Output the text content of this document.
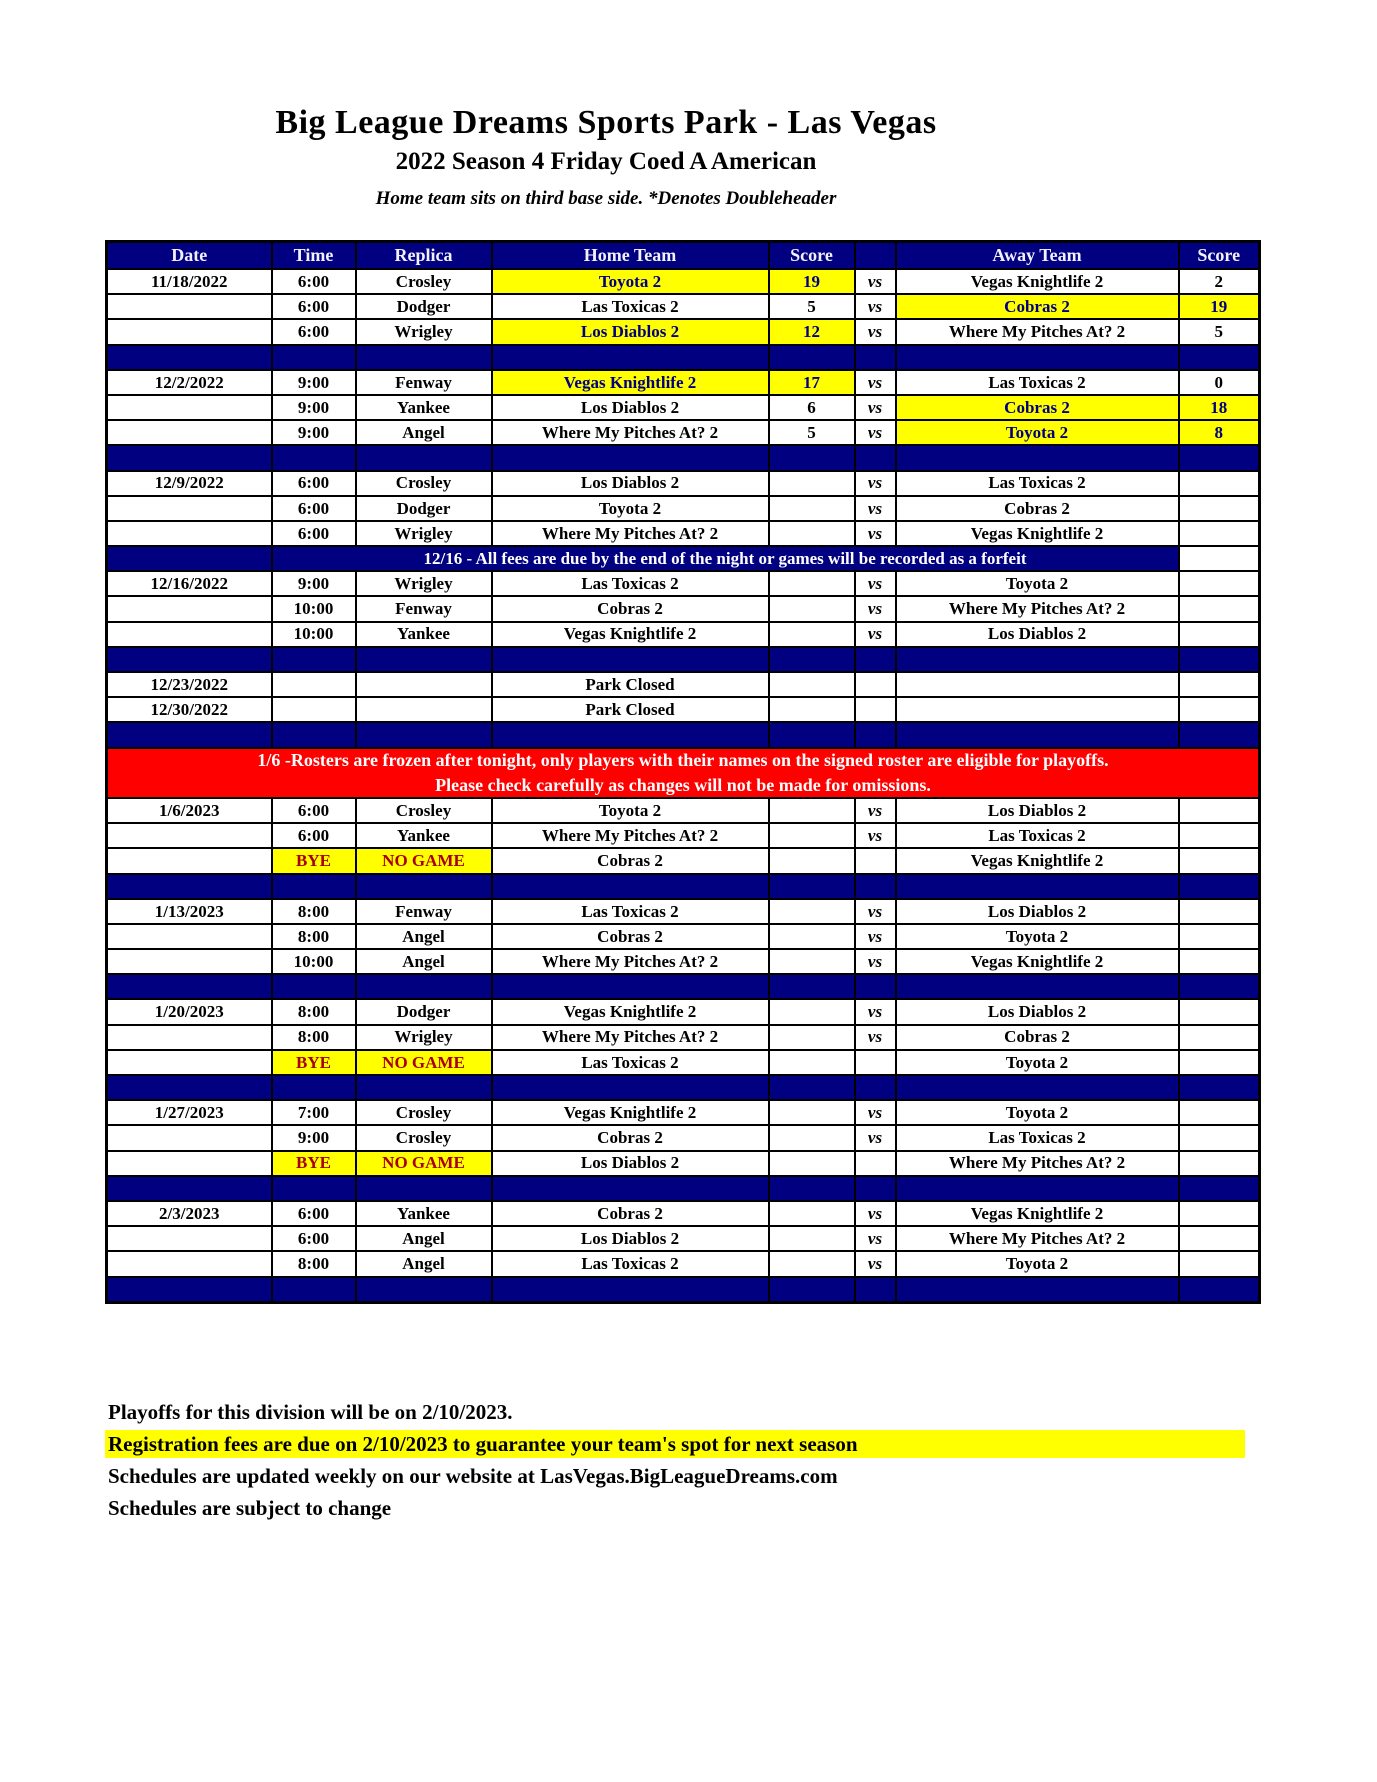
Big League Dreams Sports Park - Las Vegas
2022 Season 4 Friday Coed A American
Home team sits on third base side. *Denotes Doubleheader
Date	Time	Replica	Home Team	Score		Away Team	Score
11/18/2022	6:00	Crosley	Toyota 2	19	vs	Vegas Knightlife 2	2
	6:00	Dodger	Las Toxicas 2	5	vs	Cobras 2	19
	6:00	Wrigley	Los Diablos 2	12	vs	Where My Pitches At? 2	5

12/2/2022	9:00	Fenway	Vegas Knightlife 2	17	vs	Las Toxicas 2	0
	9:00	Yankee	Los Diablos 2	6	vs	Cobras 2	18
	9:00	Angel	Where My Pitches At? 2	5	vs	Toyota 2	8

12/9/2022	6:00	Crosley	Los Diablos 2		vs	Las Toxicas 2	
	6:00	Dodger	Toyota 2		vs	Cobras 2	
	6:00	Wrigley	Where My Pitches At? 2		vs	Vegas Knightlife 2	
	12/16 - All fees are due by the end of the night or games will be recorded as a forfeit						
12/16/2022	9:00	Wrigley	Las Toxicas 2		vs	Toyota 2	
	10:00	Fenway	Cobras 2		vs	Where My Pitches At? 2	
	10:00	Yankee	Vegas Knightlife 2		vs	Los Diablos 2	

12/23/2022			Park Closed				
12/30/2022			Park Closed				

1/6 -Rosters are frozen after tonight, only players with their names on the signed roster are eligible for playoffs.							
Please check carefully as changes will not be made for omissions.							
1/6/2023	6:00	Crosley	Toyota 2		vs	Los Diablos 2	
	6:00	Yankee	Where My Pitches At? 2		vs	Las Toxicas 2	
	BYE	NO GAME	Cobras 2			Vegas Knightlife 2	

1/13/2023	8:00	Fenway	Las Toxicas 2		vs	Los Diablos 2	
	8:00	Angel	Cobras 2		vs	Toyota 2	
	10:00	Angel	Where My Pitches At? 2		vs	Vegas Knightlife 2	

1/20/2023	8:00	Dodger	Vegas Knightlife 2		vs	Los Diablos 2	
	8:00	Wrigley	Where My Pitches At? 2		vs	Cobras 2	
	BYE	NO GAME	Las Toxicas 2			Toyota 2	

1/27/2023	7:00	Crosley	Vegas Knightlife 2		vs	Toyota 2	
	9:00	Crosley	Cobras 2		vs	Las Toxicas 2	
	BYE	NO GAME	Los Diablos 2			Where My Pitches At? 2	

2/3/2023	6:00	Yankee	Cobras 2		vs	Vegas Knightlife 2	
	6:00	Angel	Los Diablos 2		vs	Where My Pitches At? 2	
	8:00	Angel	Las Toxicas 2		vs	Toyota 2	

Playoffs for this division will be on 2/10/2023.
Registration fees are due on 2/10/2023 to guarantee your team's spot for next season
Schedules are updated weekly on our website at LasVegas.BigLeagueDreams.com
Schedules are subject to change
